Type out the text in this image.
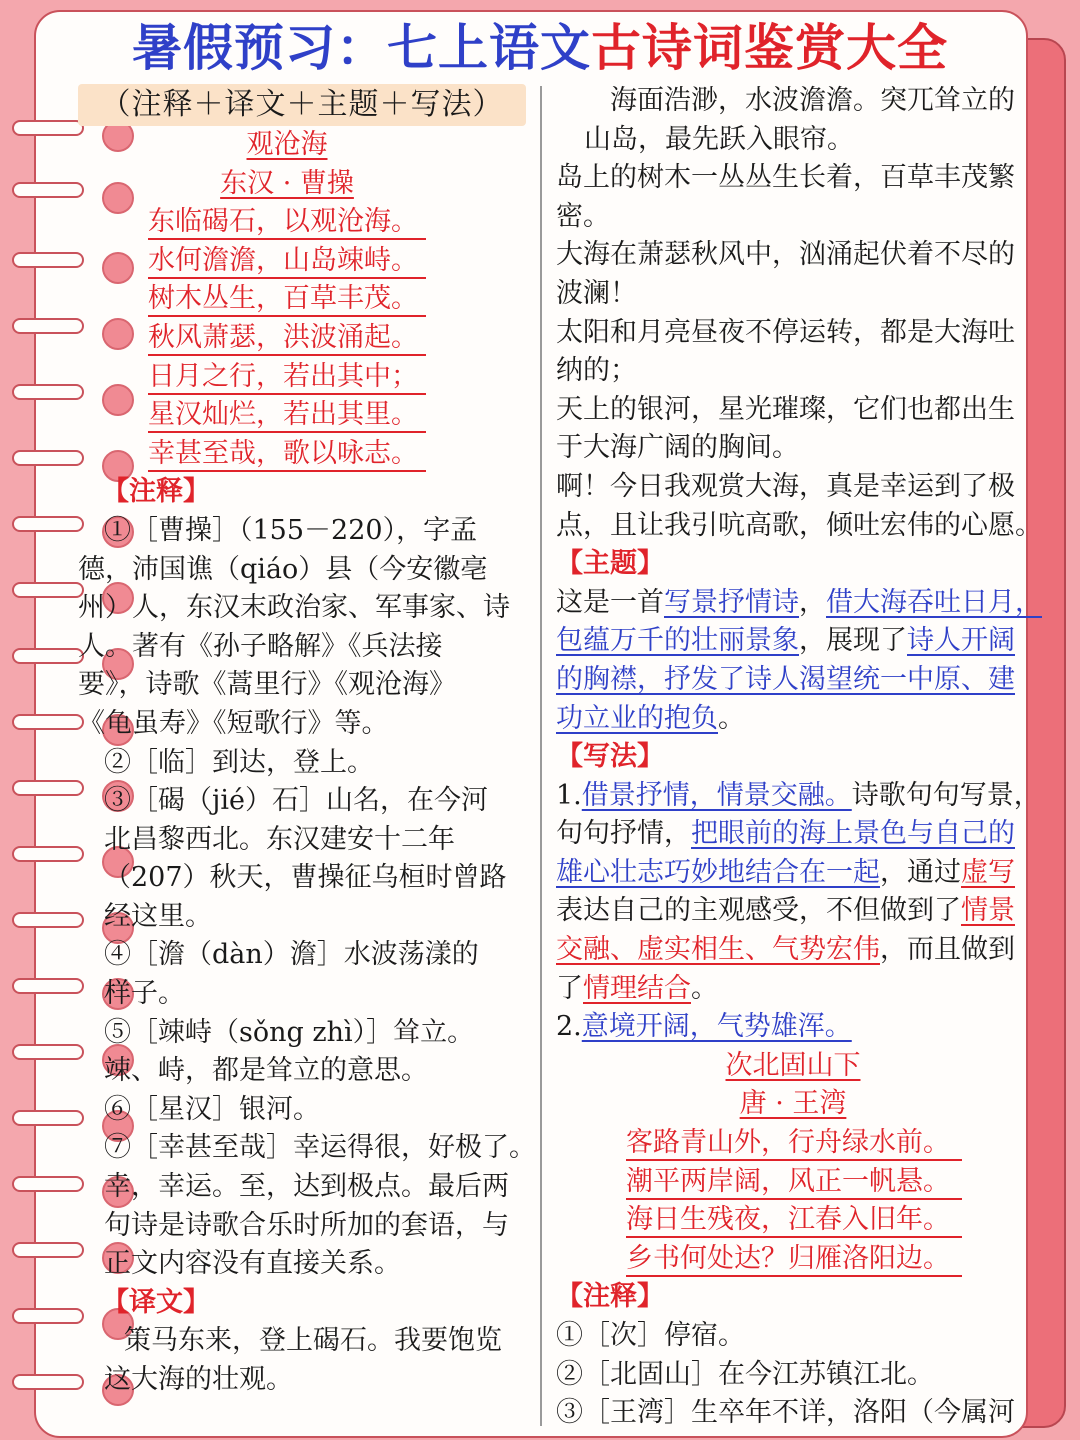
暑假预习：七上语文古诗词鉴赏大全
（注释＋译文＋主题＋写法）
观沧海
东汉 · 曹操
东临碣石，以观沧海。
水何澹澹，山岛竦峙。
树木丛生，百草丰茂。
秋风萧瑟，洪波涌起。
日月之行，若出其中；
星汉灿烂，若出其里。
幸甚至哉，歌以咏志。
【注释】
①［曹操］（155－220），字孟
德，沛国谯（qiáo）县（今安徽亳
州）人，东汉末政治家、军事家、诗
人。著有《孙子略解》《兵法接
要》，诗歌《蒿里行》《观沧海》
《龟虽寿》《短歌行》等。
②［临］到达，登上。
③［碣（jié）石］山名，在今河
北昌黎西北。东汉建安十二年
（207）秋天，曹操征乌桓时曾路
经这里。
④［澹（dàn）澹］水波荡漾的
样子。
⑤［竦峙（sǒng zhì）］耸立。
竦、峙，都是耸立的意思。
⑥［星汉］银河。
⑦［幸甚至哉］幸运得很，好极了。
幸，幸运。至，达到极点。最后两
句诗是诗歌合乐时所加的套语，与
正文内容没有直接关系。
【译文】
策马东来，登上碣石。我要饱览
这大海的壮观。
海面浩渺，水波澹澹。突兀耸立的
山岛，最先跃入眼帘。
岛上的树木一丛丛生长着，百草丰茂繁
密。
大海在萧瑟秋风中，汹涌起伏着不尽的
波澜！
太阳和月亮昼夜不停运转，都是大海吐
纳的；
天上的银河，星光璀璨，它们也都出生
于大海广阔的胸间。
啊！今日我观赏大海，真是幸运到了极
点，且让我引吭高歌，倾吐宏伟的心愿。
【主题】
这是一首写景抒情诗，借大海吞吐日月，
包蕴万千的壮丽景象，展现了诗人开阔
的胸襟，抒发了诗人渴望统一中原、建
功立业的抱负。
【写法】
1.借景抒情，情景交融。诗歌句句写景，
句句抒情，把眼前的海上景色与自己的
雄心壮志巧妙地结合在一起，通过虚写
表达自己的主观感受，不但做到了情景
交融、虚实相生、气势宏伟，而且做到
了情理结合。
2.意境开阔，气势雄浑。
次北固山下
唐 · 王湾
客路青山外，行舟绿水前。
潮平两岸阔，风正一帆悬。
海日生残夜，江春入旧年。
乡书何处达？归雁洛阳边。
【注释】
①［次］停宿。
②［北固山］在今江苏镇江北。
③［王湾］生卒年不详，洛阳（今属河
